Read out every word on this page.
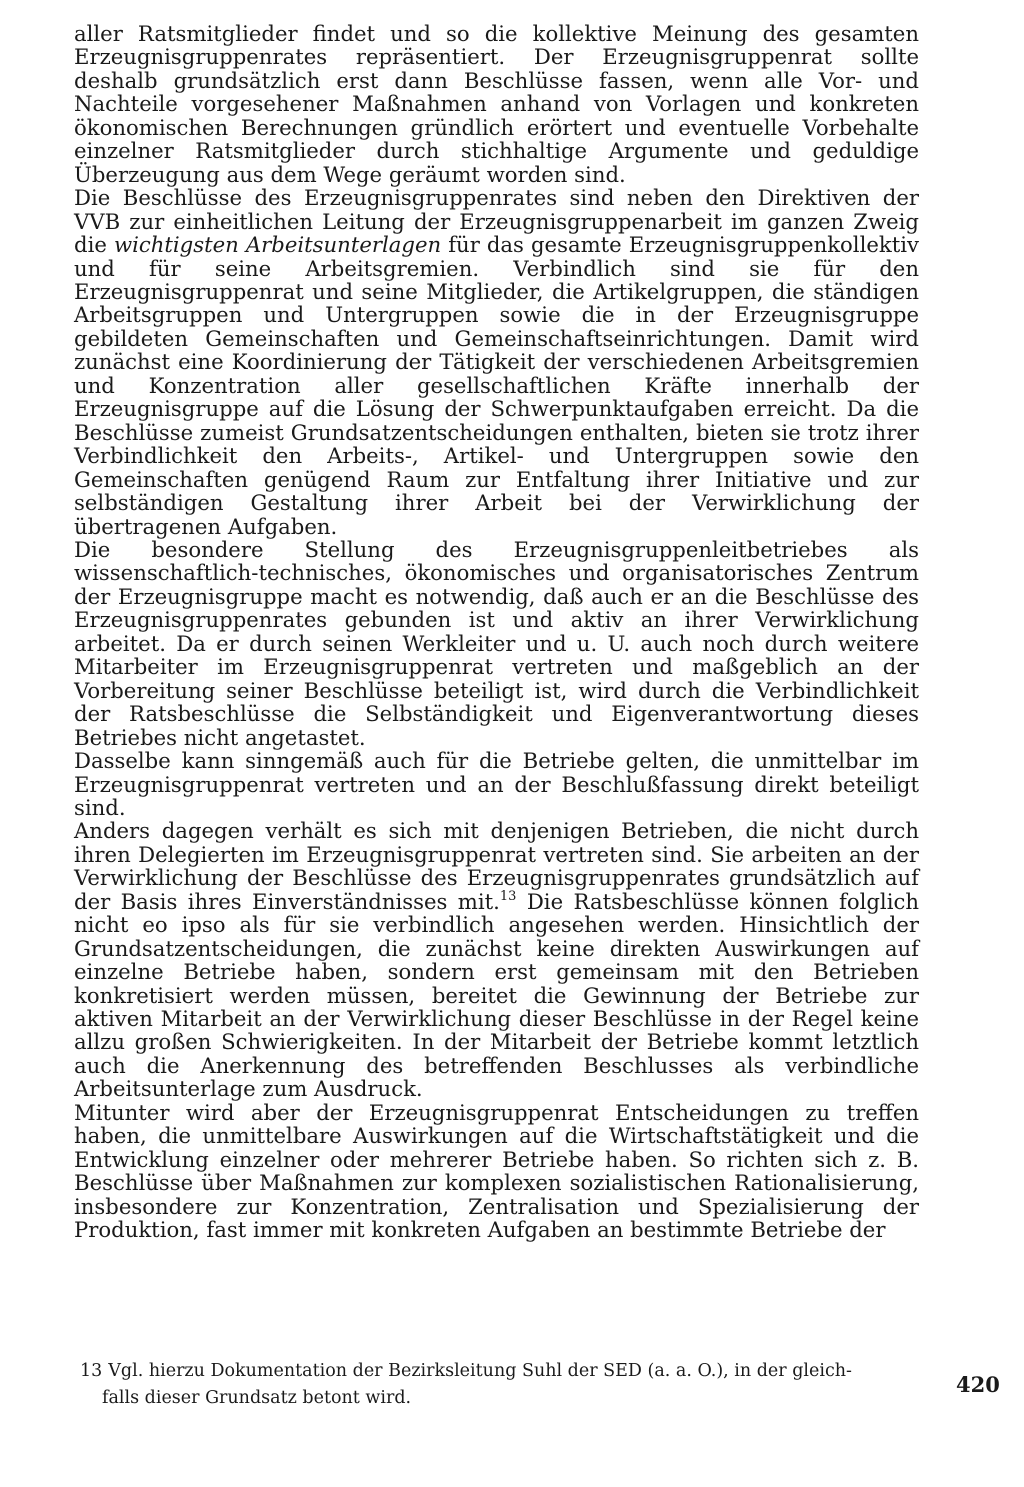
aller Ratsmitglieder findet und so die kollektive Meinung des gesamten Erzeugnisgruppenrates repräsentiert. Der Erzeugnisgruppenrat sollte deshalb grundsätzlich erst dann Beschlüsse fassen, wenn alle Vor- und Nachteile vorgesehener Maßnahmen anhand von Vorlagen und konkreten ökonomischen Berechnungen gründlich erörtert und eventuelle Vorbehalte einzelner Ratsmitglieder durch stichhaltige Argumente und geduldige Überzeugung aus dem Wege geräumt worden sind.

Die Beschlüsse des Erzeugnisgruppenrates sind neben den Direktiven der VVB zur einheitlichen Leitung der Erzeugnisgruppenarbeit im ganzen Zweig die wichtigsten Arbeitsunterlagen für das gesamte Erzeugnisgruppenkollektiv und für seine Arbeitsgremien. Verbindlich sind sie für den Erzeugnisgruppenrat und seine Mitglieder, die Artikelgruppen, die ständigen Arbeitsgruppen und Untergruppen sowie die in der Erzeugnisgruppe gebildeten Gemeinschaften und Gemeinschaftseinrichtungen. Damit wird zunächst eine Koordinierung der Tätigkeit der verschiedenen Arbeitsgremien und Konzentration aller gesellschaftlichen Kräfte innerhalb der Erzeugnisgruppe auf die Lösung der Schwerpunktaufgaben erreicht. Da die Beschlüsse zumeist Grundsatzentscheidungen enthalten, bieten sie trotz ihrer Verbindlichkeit den Arbeits-, Artikel- und Untergruppen sowie den Gemeinschaften genügend Raum zur Entfaltung ihrer Initiative und zur selbständigen Gestaltung ihrer Arbeit bei der Verwirklichung der übertragenen Aufgaben.

Die besondere Stellung des Erzeugnisgruppenleitbetriebes als wissenschaftlich-technisches, ökonomisches und organisatorisches Zentrum der Erzeugnisgruppe macht es notwendig, daß auch er an die Beschlüsse des Erzeugnisgruppenrates gebunden ist und aktiv an ihrer Verwirklichung arbeitet. Da er durch seinen Werkleiter und u. U. auch noch durch weitere Mitarbeiter im Erzeugnisgruppenrat vertreten und maßgeblich an der Vorbereitung seiner Beschlüsse beteiligt ist, wird durch die Verbindlichkeit der Ratsbeschlüsse die Selbständigkeit und Eigenverantwortung dieses Betriebes nicht angetastet.

Dasselbe kann sinngemäß auch für die Betriebe gelten, die unmittelbar im Erzeugnisgruppenrat vertreten und an der Beschlußfassung direkt beteiligt sind.

Anders dagegen verhält es sich mit denjenigen Betrieben, die nicht durch ihren Delegierten im Erzeugnisgruppenrat vertreten sind. Sie arbeiten an der Verwirklichung der Beschlüsse des Erzeugnisgruppenrates grundsätzlich auf der Basis ihres Einverständnisses mit.$^{13}$ Die Ratsbeschlüsse können folglich nicht eo ipso als für sie verbindlich angesehen werden. Hinsichtlich der Grundsatzentscheidungen, die zunächst keine direkten Auswirkungen auf einzelne Betriebe haben, sondern erst gemeinsam mit den Betrieben konkretisiert werden müssen, bereitet die Gewinnung der Betriebe zur aktiven Mitarbeit an der Verwirklichung dieser Beschlüsse in der Regel keine allzu großen Schwierigkeiten. In der Mitarbeit der Betriebe kommt letztlich auch die Anerkennung des betreffenden Beschlusses als verbindliche Arbeitsunterlage zum Ausdruck.

Mitunter wird aber der Erzeugnisgruppenrat Entscheidungen zu treffen haben, die unmittelbare Auswirkungen auf die Wirtschaftstätigkeit und die Entwicklung einzelner oder mehrerer Betriebe haben. So richten sich z. B. Beschlüsse über Maßnahmen zur komplexen sozialistischen Rationalisierung, insbesondere zur Konzentration, Zentralisation und Spezialisierung der Produktion, fast immer mit konkreten Aufgaben an bestimmte Betriebe der

13 Vgl. hierzu Dokumentation der Bezirksleitung Suhl der SED (a. a. O.), in der gleich-
falls dieser Grundsatz betont wird.
420
